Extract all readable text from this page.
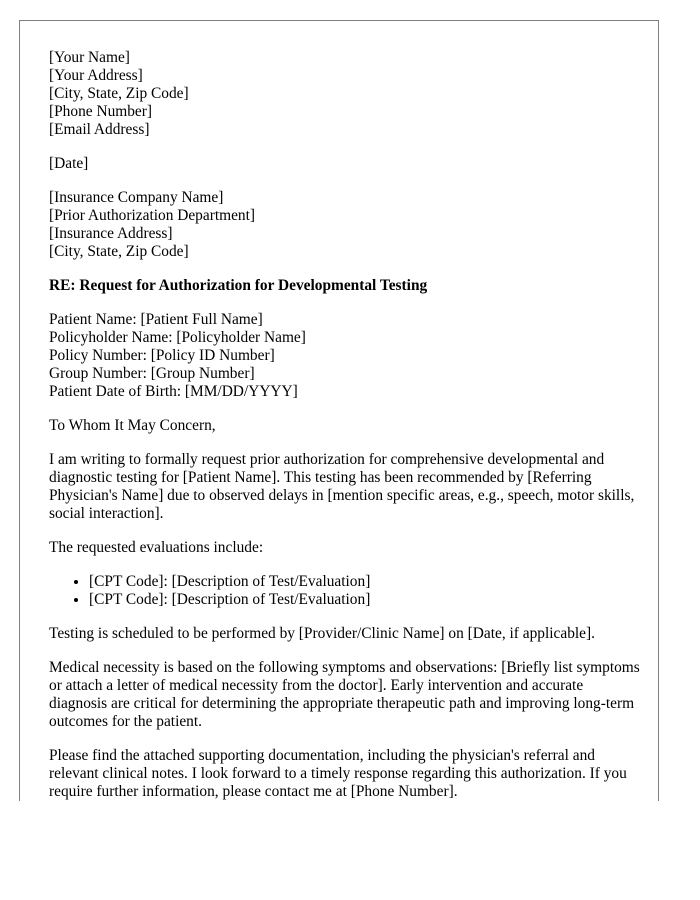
[Your Name]
[Your Address]
[City, State, Zip Code]
[Phone Number]
[Email Address]
[Date]
[Insurance Company Name]
[Prior Authorization Department]
[Insurance Address]
[City, State, Zip Code]
RE: Request for Authorization for Developmental Testing
Patient Name: [Patient Full Name]
Policyholder Name: [Policyholder Name]
Policy Number: [Policy ID Number]
Group Number: [Group Number]
Patient Date of Birth: [MM/DD/YYYY]

To Whom It May Concern,

I am writing to formally request prior authorization for comprehensive developmental and diagnostic testing for [Patient Name]. This testing has been recommended by [Referring Physician's Name] due to observed delays in [mention specific areas, e.g., speech, motor skills, social interaction].

The requested evaluations include:

• [CPT Code]: [Description of Test/Evaluation]
• [CPT Code]: [Description of Test/Evaluation]

Testing is scheduled to be performed by [Provider/Clinic Name] on [Date, if applicable].

Medical necessity is based on the following symptoms and observations: [Briefly list symptoms or attach a letter of medical necessity from the doctor]. Early intervention and accurate diagnosis are critical for determining the appropriate therapeutic path and improving long-term outcomes for the patient.

Please find the attached supporting documentation, including the physician's referral and relevant clinical notes. I look forward to a timely response regarding this authorization. If you require further information, please contact me at [Phone Number].
